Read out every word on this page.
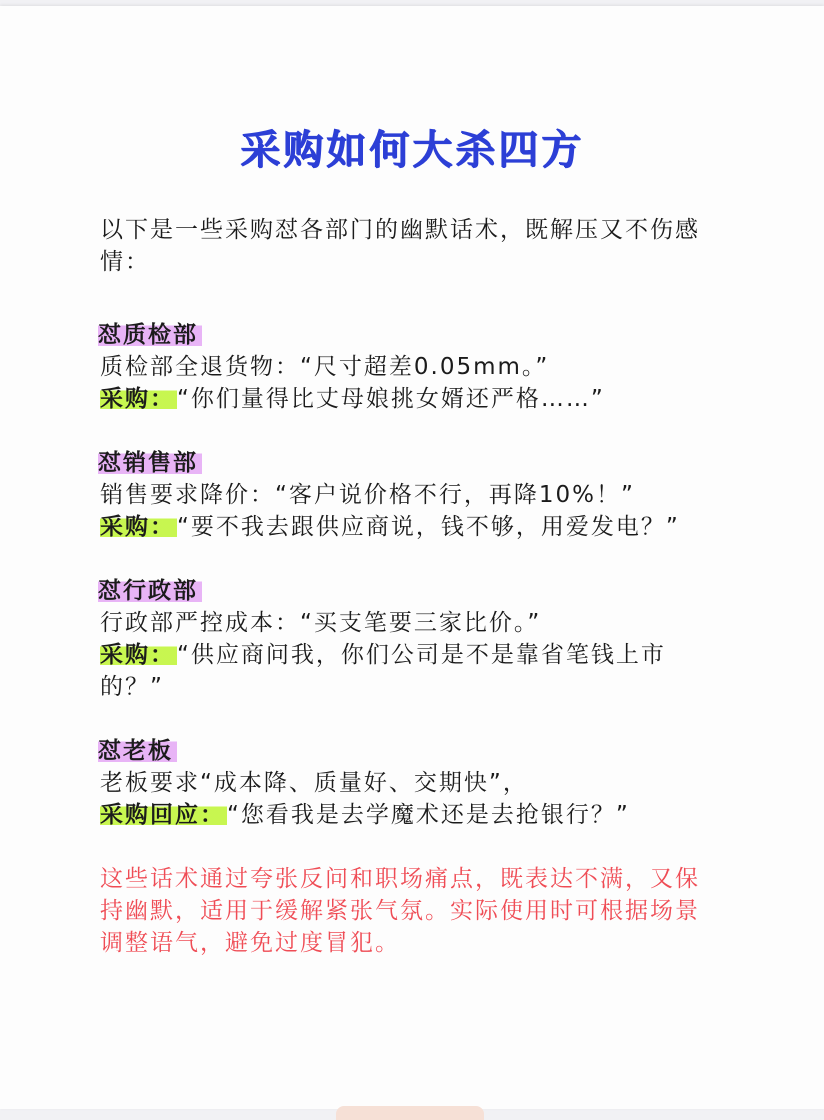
采购如何大杀四方

以下是一些采购怼各部门的幽默话术，既解压又不伤感情：

怼质检部

质检部全退货物：“尺寸超差0.05mm。”

采购：“你们量得比丈母娘挑女婿还严格……”

怼销售部

销售要求降价：“客户说价格不行，再降10%！”

采购：“要不我去跟供应商说，钱不够，用爱发电？”

怼行政部

行政部严控成本：“买支笔要三家比价。”

采购：“供应商问我，你们公司是不是靠省笔钱上市的？”

怼老板

老板要求“成本降、质量好、交期快”，

采购回应：“您看我是去学魔术还是去抢银行？”

这些话术通过夸张反问和职场痛点，既表达不满，又保持幽默，适用于缓解紧张气氛。实际使用时可根据场景调整语气，避免过度冒犯。
